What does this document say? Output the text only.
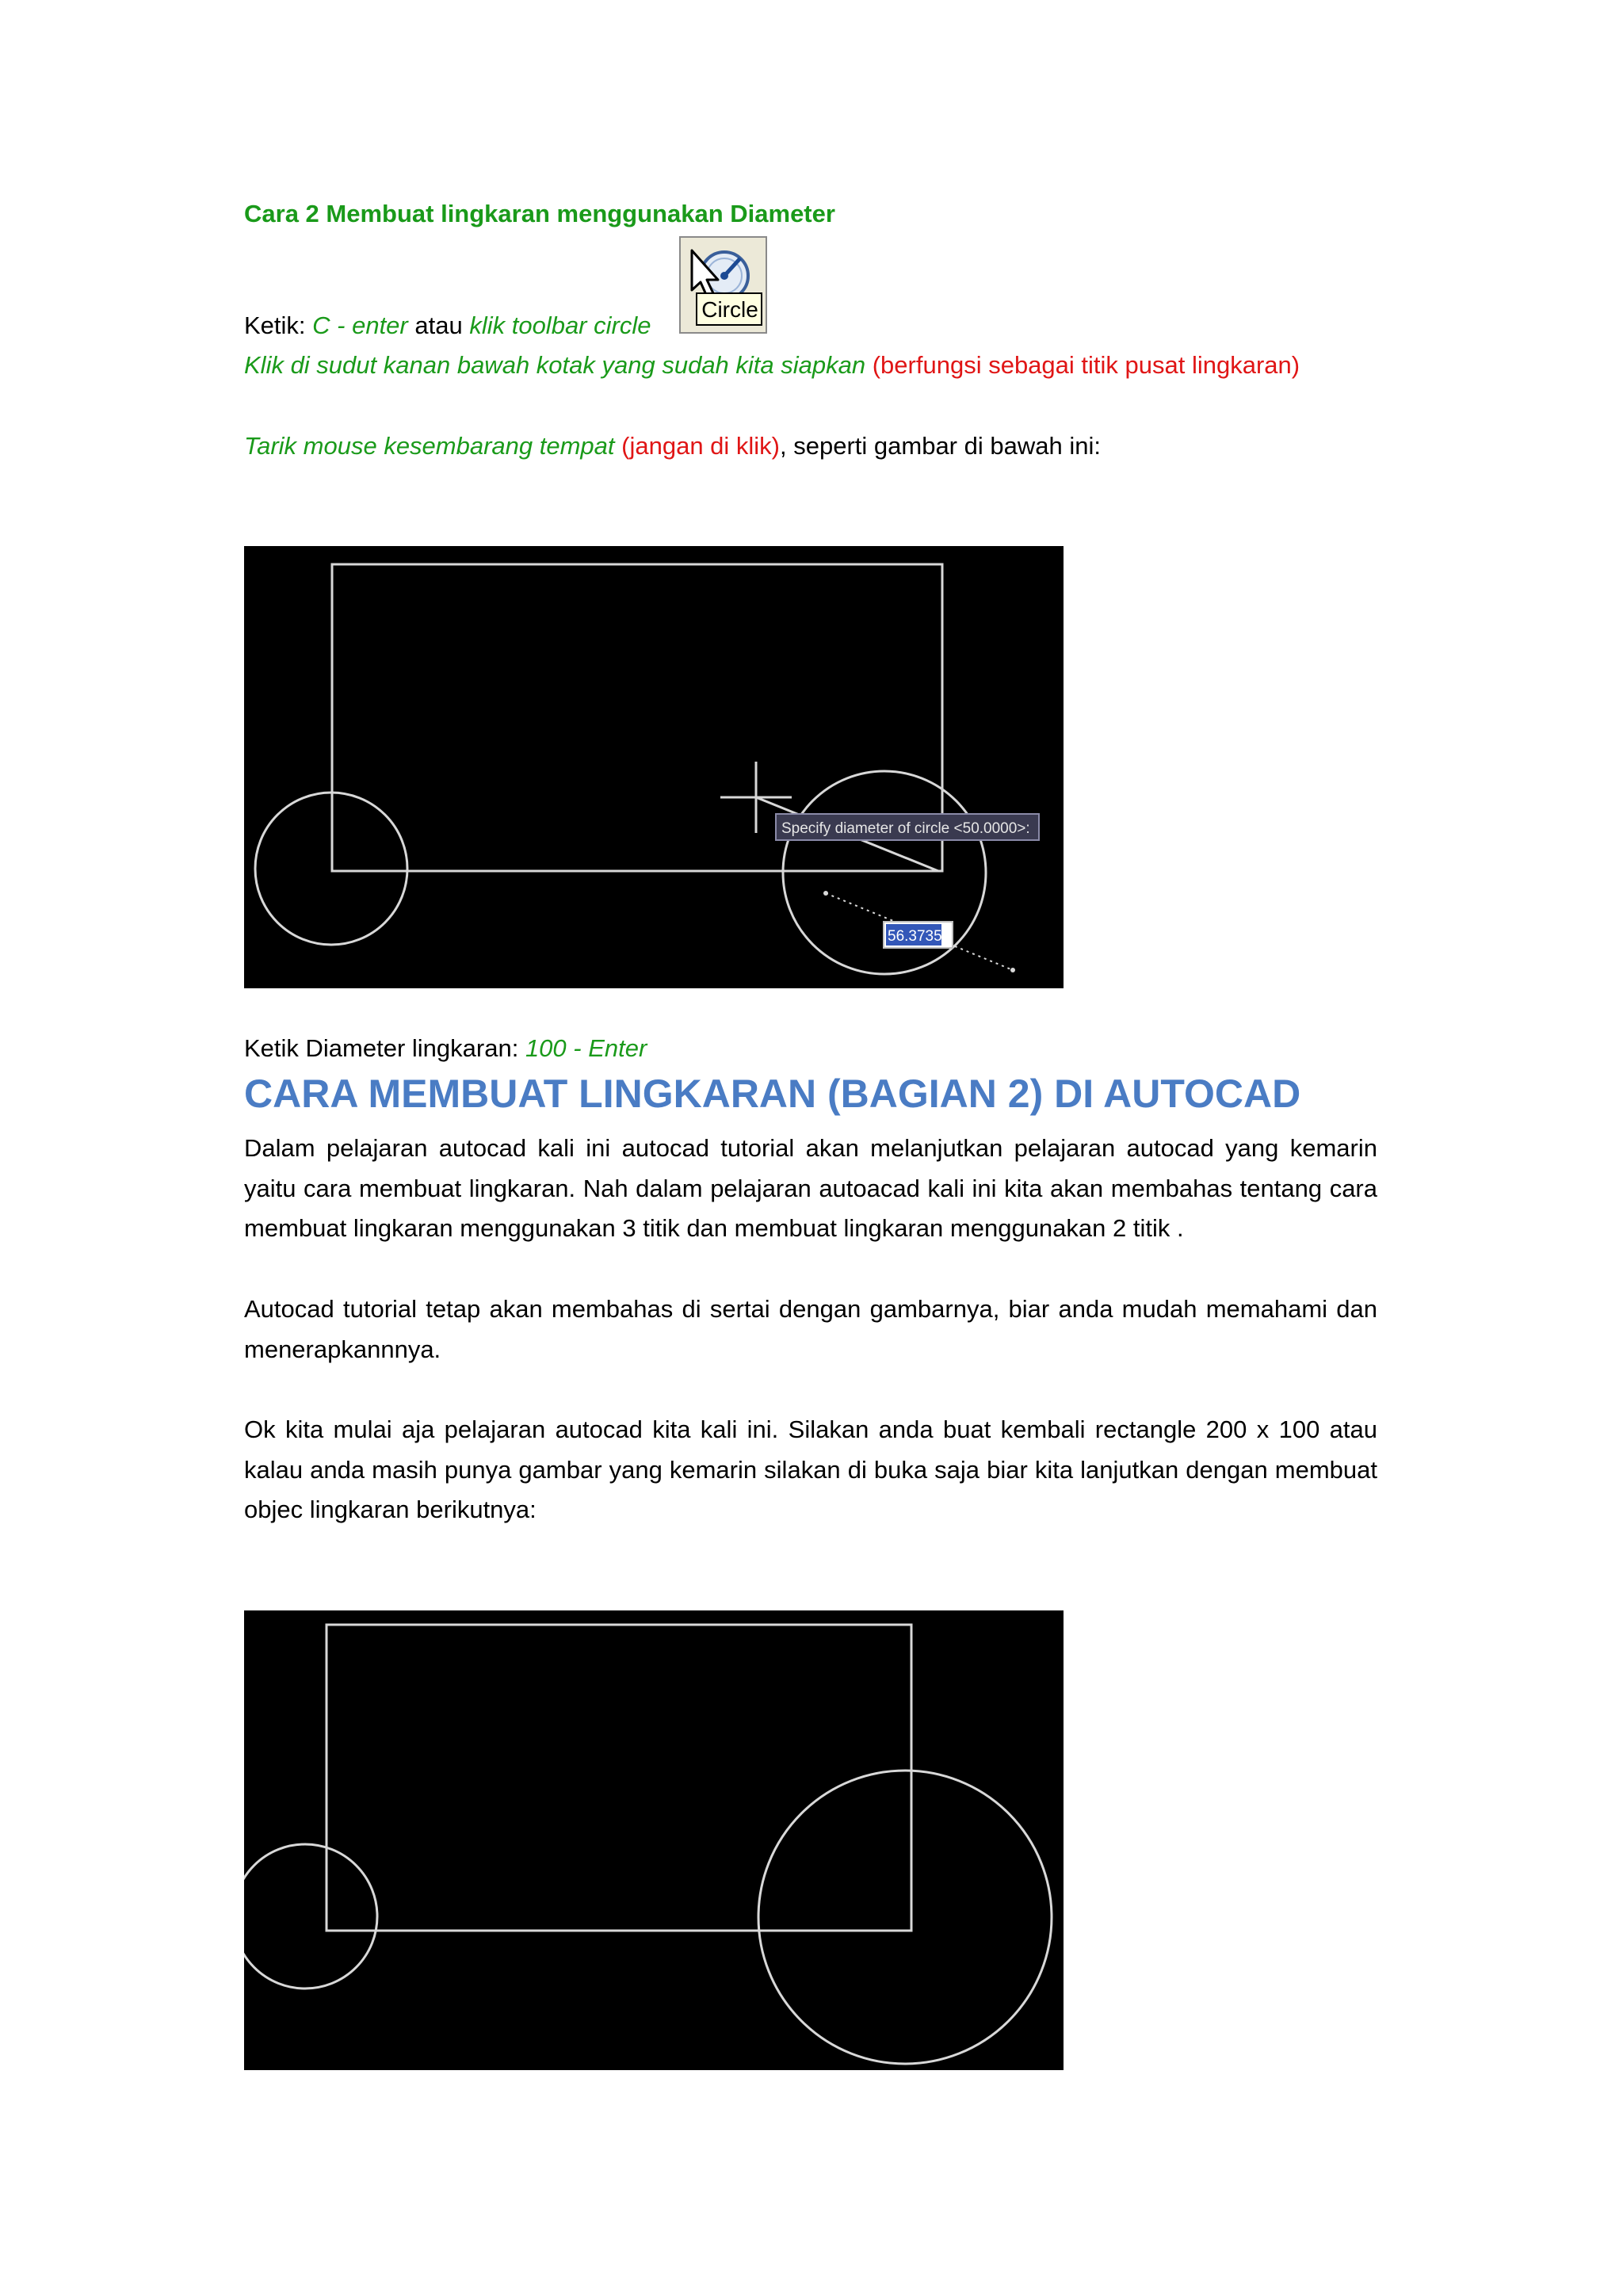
Cara 2 Membuat lingkaran menggunakan Diameter
Ketik: C - enter atau klik toolbar circle
Circle
Klik di sudut kanan bawah kotak yang sudah kita siapkan (berfungsi sebagai titik pusat lingkaran)
Tarik mouse kesembarang tempat (jangan di klik), seperti gambar di bawah ini:
Specify diameter of circle <50.0000>:
56.3735
Ketik Diameter lingkaran: 100 - Enter
CARA MEMBUAT LINGKARAN (BAGIAN 2) DI AUTOCAD
Dalam pelajaran autocad kali ini autocad tutorial akan melanjutkan pelajaran autocad yang kemarin yaitu cara membuat lingkaran. Nah dalam pelajaran autoacad kali ini kita akan membahas tentang cara membuat lingkaran menggunakan 3 titik dan membuat lingkaran menggunakan 2 titik .
Autocad tutorial tetap akan membahas di sertai dengan gambarnya, biar anda mudah memahami dan menerapkannnya.
Ok kita mulai aja pelajaran autocad kita kali ini. Silakan anda buat kembali rectangle 200 x 100 atau kalau anda masih punya gambar yang kemarin silakan di buka saja biar kita lanjutkan dengan membuat objec lingkaran berikutnya:
